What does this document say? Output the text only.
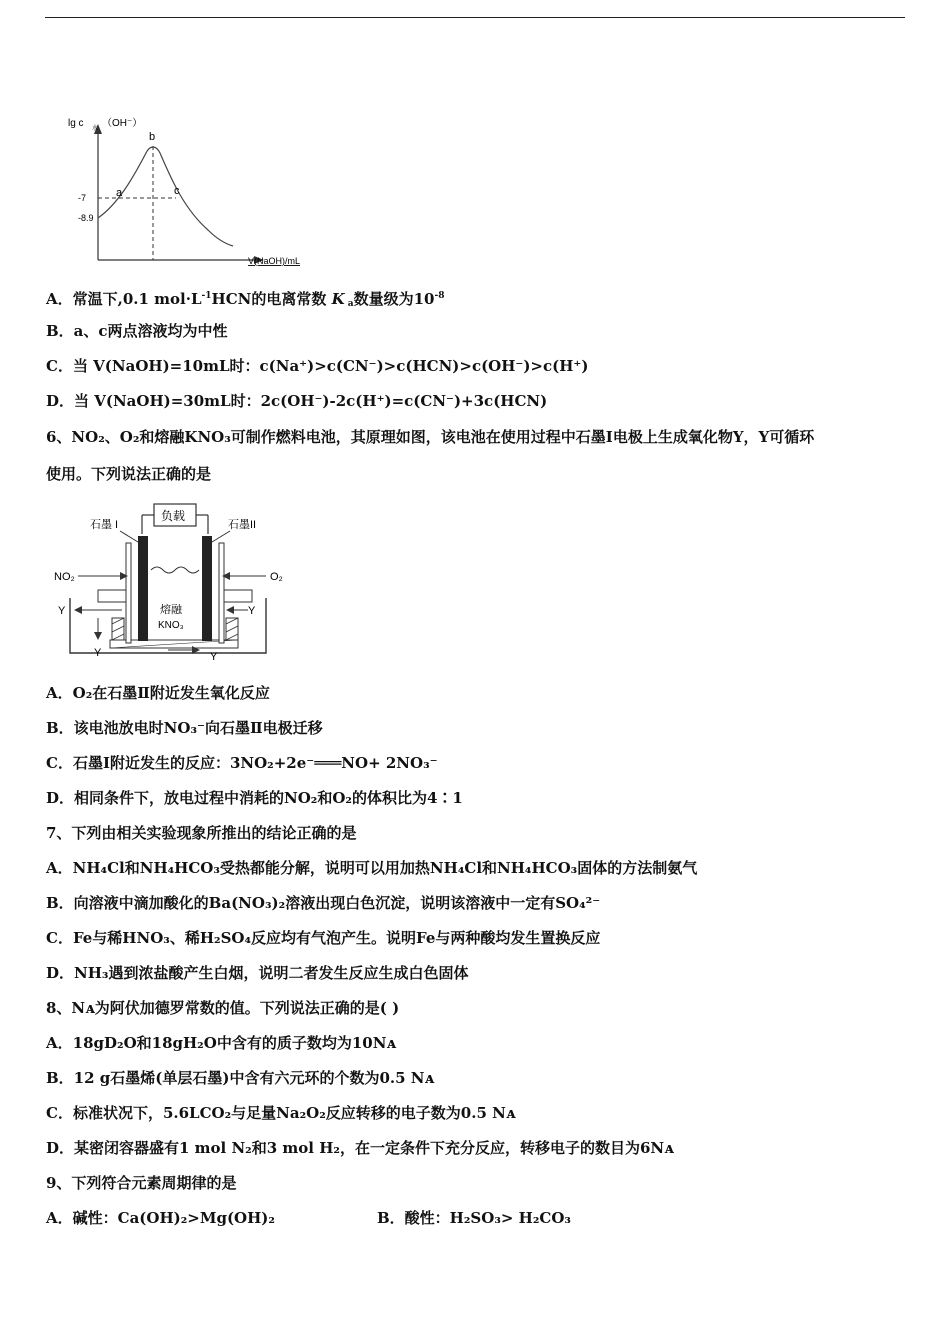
lg c 水 （OH⁻）
-7
-8.9
a
b
c
V(NaOH)/mL
A．常温下,0.1 $mol\cdot L^{-1}HCN$的电离常数 K $_a$数量级为$10^{-8}$
B．a、c两点溶液均为中性
C．当 V(NaOH)=10mL时：c(Na⁺)>c(CN⁻)>c(HCN)>c(OH⁻)>c(H⁺)
D．当 V(NaOH)=30mL时：2c(OH⁻)-2c(H⁺)=c(CN⁻)+3c(HCN)
6、NO₂、O₂和熔融KNO₃可制作燃料电池，其原理如图，该电池在使用过程中石墨I电极上生成氧化物Y，Y可循环
使用。下列说法正确的是
负载
石墨 I	石墨II
NO₂	O₂
Y	Y
熔融
KNO₃
Y	Y
A．O₂在石墨Ⅱ附近发生氧化反应
B．该电池放电时NO₃⁻向石墨Ⅱ电极迁移
C．石墨Ⅰ附近发生的反应：3NO₂+2e⁻═══NO+ 2NO₃⁻
D．相同条件下，放电过程中消耗的NO₂和O₂的体积比为4∶1
7、下列由相关实验现象所推出的结论正确的是
A．NH₄Cl和NH₄HCO₃受热都能分解，说明可以用加热NH₄Cl和NH₄HCO₃固体的方法制氨气
B．向溶液中滴加酸化的Ba(NO₃)₂溶液出现白色沉淀，说明该溶液中一定有SO₄²⁻
C．Fe与稀HNO₃、稀H₂SO₄反应均有气泡产生。说明Fe与两种酸均发生置换反应
D．NH₃遇到浓盐酸产生白烟，说明二者发生反应生成白色固体
8、Nᴀ为阿伏加德罗常数的值。下列说法正确的是( )
A．18gD₂O和18gH₂O中含有的质子数均为10Nᴀ
B．12 g石墨烯(单层石墨)中含有六元环的个数为0.5 Nᴀ
C．标准状况下，5.6LCO₂与足量Na₂O₂反应转移的电子数为0.5 Nᴀ
D．某密闭容器盛有1 mol N₂和3 mol H₂，在一定条件下充分反应，转移电子的数目为6Nᴀ
9、下列符合元素周期律的是
A．碱性：Ca(OH)₂>Mg(OH)₂	B．酸性：H₂SO₃> H₂CO₃
